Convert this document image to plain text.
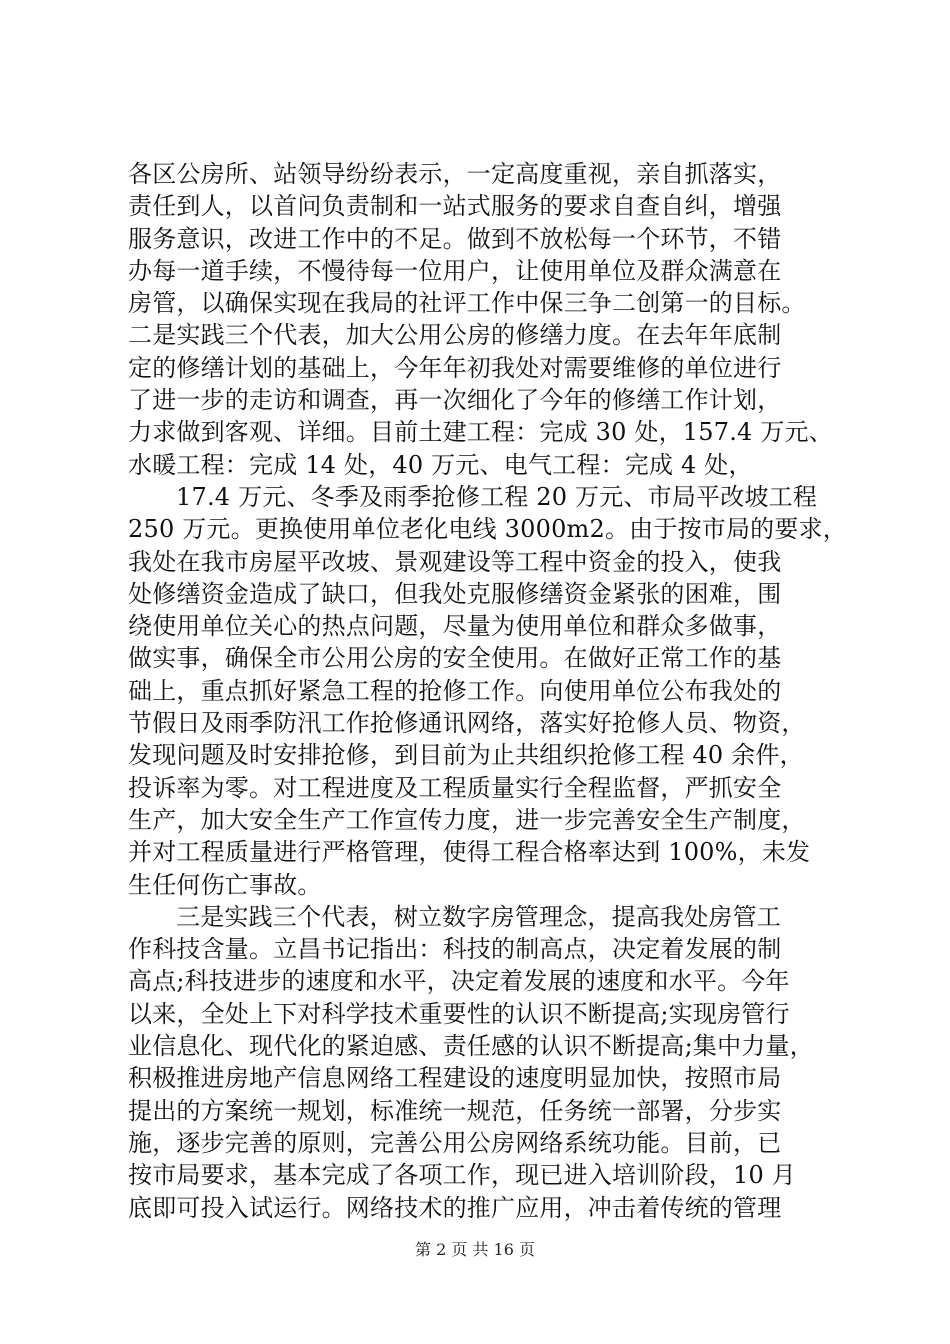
各区公房所、站领导纷纷表示，一定高度重视，亲自抓落实，
责任到人，以首问负责制和一站式服务的要求自查自纠，增强
服务意识，改进工作中的不足。做到不放松每一个环节，不错
办每一道手续，不慢待每一位用户，让使用单位及群众满意在
房管，以确保实现在我局的社评工作中保三争二创第一的目标。
二是实践三个代表，加大公用公房的修缮力度。在去年年底制
定的修缮计划的基础上，今年年初我处对需要维修的单位进行
了进一步的走访和调查，再一次细化了今年的修缮工作计划，
力求做到客观、详细。目前土建工程：完成 30 处，157.4 万元、
水暖工程：完成 14 处，40 万元、电气工程：完成 4 处，
17.4 万元、冬季及雨季抢修工程 20 万元、市局平改坡工程
250 万元。更换使用单位老化电线 3000m2。由于按市局的要求，
我处在我市房屋平改坡、景观建设等工程中资金的投入，使我
处修缮资金造成了缺口，但我处克服修缮资金紧张的困难，围
绕使用单位关心的热点问题，尽量为使用单位和群众多做事，
做实事，确保全市公用公房的安全使用。在做好正常工作的基
础上，重点抓好紧急工程的抢修工作。向使用单位公布我处的
节假日及雨季防汛工作抢修通讯网络，落实好抢修人员、物资，
发现问题及时安排抢修，到目前为止共组织抢修工程 40 余件，
投诉率为零。对工程进度及工程质量实行全程监督，严抓安全
生产，加大安全生产工作宣传力度，进一步完善安全生产制度，
并对工程质量进行严格管理，使得工程合格率达到 100%，未发
生任何伤亡事故。
三是实践三个代表，树立数字房管理念，提高我处房管工
作科技含量。立昌书记指出：科技的制高点，决定着发展的制
高点;科技进步的速度和水平，决定着发展的速度和水平。今年
以来，全处上下对科学技术重要性的认识不断提高;实现房管行
业信息化、现代化的紧迫感、责任感的认识不断提高;集中力量，
积极推进房地产信息网络工程建设的速度明显加快，按照市局
提出的方案统一规划，标准统一规范，任务统一部署，分步实
施，逐步完善的原则，完善公用公房网络系统功能。目前，已
按市局要求，基本完成了各项工作，现已进入培训阶段，10 月
底即可投入试运行。网络技术的推广应用，冲击着传统的管理
第 2 页 共 16 页
